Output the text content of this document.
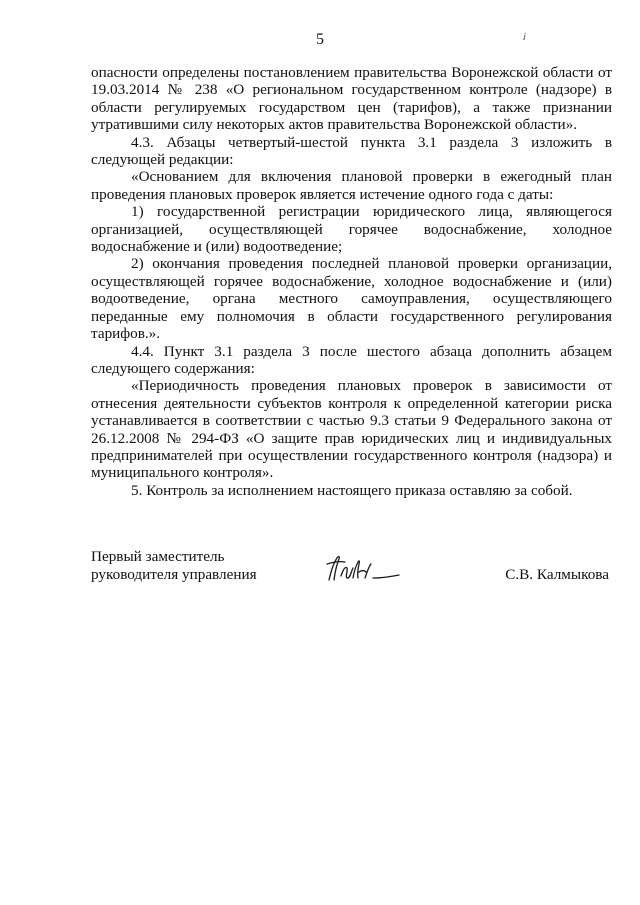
5	i

опасности определены постановлением правительства Воронежской области от 19.03.2014 № 238 «О региональном государственном контроле (надзоре) в области регулируемых государством цен (тарифов), а также признании утратившими силу некоторых актов правительства Воронежской области».

4.3. Абзацы четвертый-шестой пункта 3.1 раздела 3 изложить в следующей редакции:

«Основанием для включения плановой проверки в ежегодный план проведения плановых проверок является истечение одного года с даты:

1) государственной регистрации юридического лица, являющегося организацией, осуществляющей горячее водоснабжение, холодное водоснабжение и (или) водоотведение;

2) окончания проведения последней плановой проверки организации, осуществляющей горячее водоснабжение, холодное водоснабжение и (или) водоотведение, органа местного самоуправления, осуществляющего переданные ему полномочия в области государственного регулирования тарифов.».

4.4. Пункт 3.1 раздела 3 после шестого абзаца дополнить абзацем следующего содержания:

«Периодичность проведения плановых проверок в зависимости от отнесения деятельности субъектов контроля к определенной категории риска устанавливается в соответствии с частью 9.3 статьи 9 Федерального закона от 26.12.2008 № 294-ФЗ «О защите прав юридических лиц и индивидуальных предпринимателей при осуществлении государственного контроля (надзора) и муниципального контроля».

5. Контроль за исполнением настоящего приказа оставляю за собой.

Первый заместитель
руководителя управления	С.В. Калмыкова
